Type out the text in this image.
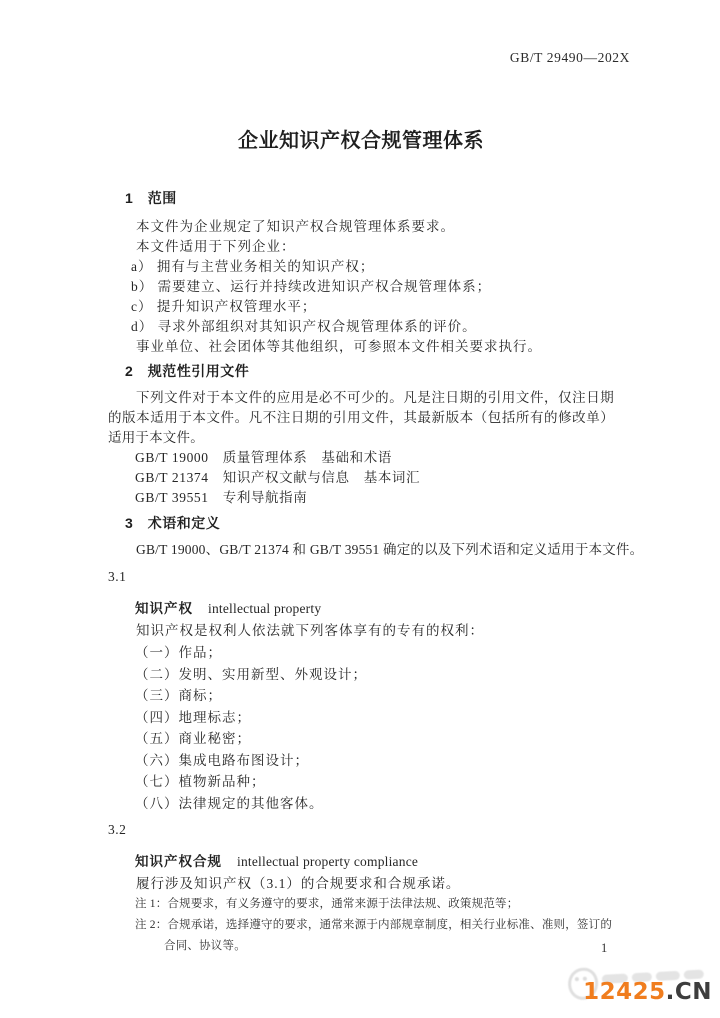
GB/T 29490—202X
企业知识产权合规管理体系
1　范围

本文件为企业规定了知识产权合规管理体系要求。

本文件适用于下列企业：

a） 拥有与主营业务相关的知识产权；

b） 需要建立、运行并持续改进知识产权合规管理体系；

c） 提升知识产权管理水平；

d） 寻求外部组织对其知识产权合规管理体系的评价。

事业单位、社会团体等其他组织，可参照本文件相关要求执行。

2　规范性引用文件

下列文件对于本文件的应用是必不可少的。凡是注日期的引用文件，仅注日期的版本适用于本文件。凡不注日期的引用文件，其最新版本（包括所有的修改单）适用于本文件。

GB/T 19000　质量管理体系　基础和术语

GB/T 21374　知识产权文献与信息　基本词汇

GB/T 39551　专利导航指南

3　术语和定义

GB/T 19000、GB/T 21374 和 GB/T 39551 确定的以及下列术语和定义适用于本文件。

3.1
知识产权 intellectual property

知识产权是权利人依法就下列客体享有的专有的权利：

（一）作品；

（二）发明、实用新型、外观设计；

（三）商标；

（四）地理标志；

（五）商业秘密；

（六）集成电路布图设计；

（七）植物新品种；

（八）法律规定的其他客体。

3.2
知识产权合规 intellectual property compliance

履行涉及知识产权（3.1）的合规要求和合规承诺。

注 1：合规要求，有义务遵守的要求，通常来源于法律法规、政策规范等；

注 2：合规承诺，选择遵守的要求，通常来源于内部规章制度，相关行业标准、准则，签订的合同、协议等。	1
12425.CN
